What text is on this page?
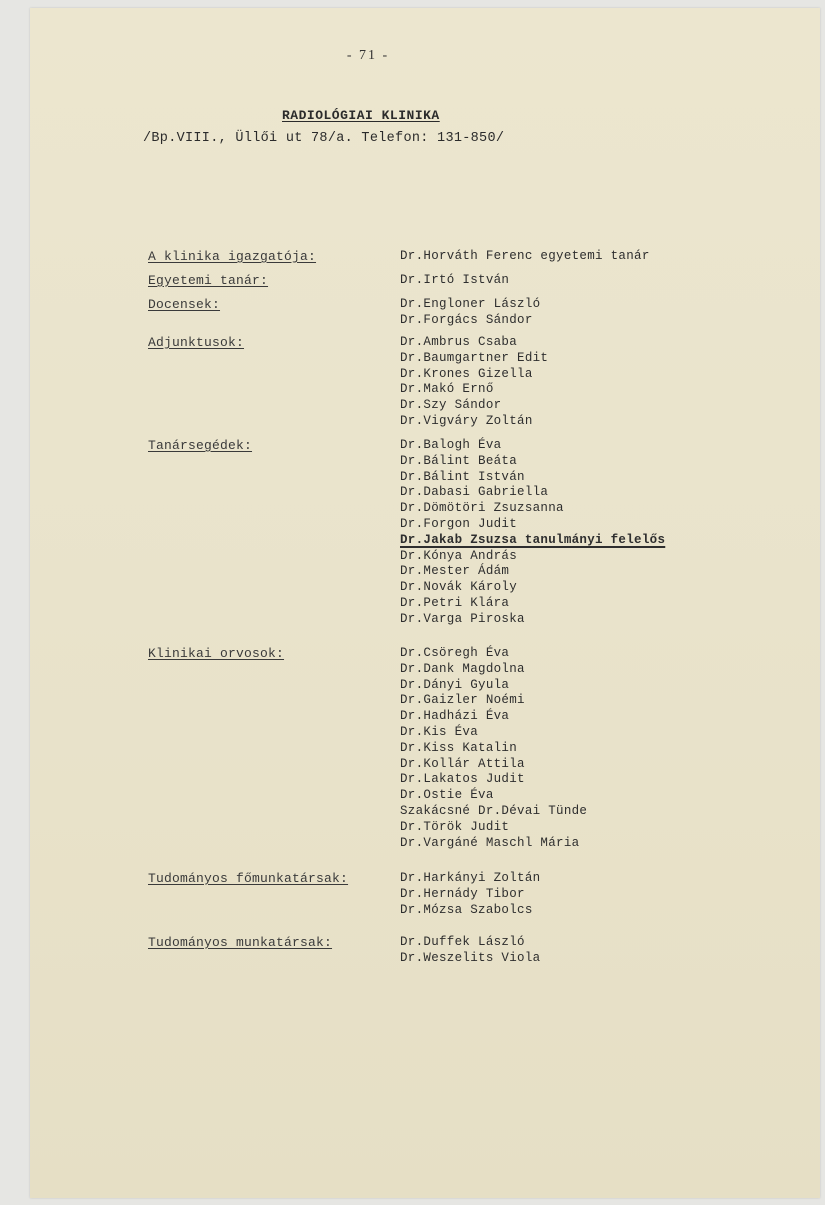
- 71 -
RADIOLÓGIAI KLINIKA
/Bp.VIII., Üllői ut 78/a. Telefon: 131-850/
A klinika igazgatója:	Dr.Horváth Ferenc egyetemi tanár
Egyetemi tanár:	Dr.Irtó István
Docensek:	Dr.Engloner László
Dr.Forgács Sándor
Adjunktusok:	Dr.Ambrus Csaba
Dr.Baumgartner Edit
Dr.Krones Gizella
Dr.Makó Ernő
Dr.Szy Sándor
Dr.Vigváry Zoltán
Tanársegédek:	Dr.Balogh Éva
Dr.Bálint Beáta
Dr.Bálint István
Dr.Dabasi Gabriella
Dr.Dömötöri Zsuzsanna
Dr.Forgon Judit
Dr.Jakab Zsuzsa tanulmányi felelős
Dr.Kónya András
Dr.Mester Ádám
Dr.Novák Károly
Dr.Petri Klára
Dr.Varga Piroska
Klinikai orvosok:	Dr.Csöregh Éva
Dr.Dank Magdolna
Dr.Dányi Gyula
Dr.Gaizler Noémi
Dr.Hadházi Éva
Dr.Kis Éva
Dr.Kiss Katalin
Dr.Kollár Attila
Dr.Lakatos Judit
Dr.Ostie Éva
Szakácsné Dr.Dévai Tünde
Dr.Török Judit
Dr.Vargáné Maschl Mária
Tudományos főmunkatársak:	Dr.Harkányi Zoltán
Dr.Hernády Tibor
Dr.Mózsa Szabolcs
Tudományos munkatársak:	Dr.Duffek László
Dr.Weszelits Viola
